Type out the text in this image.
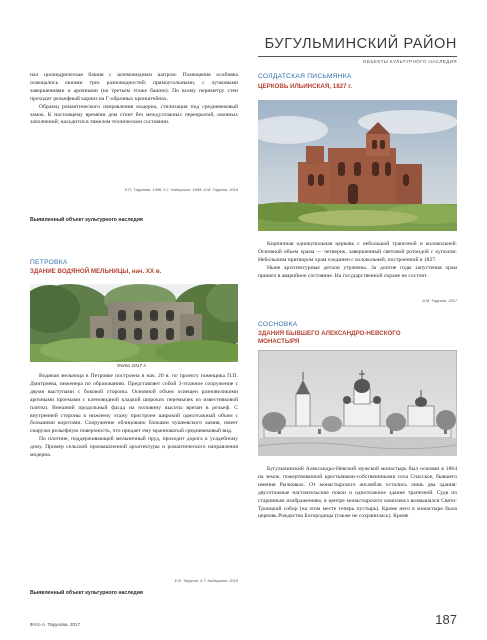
БУГУЛЬМИНСКИЙ РАЙОН
ОБЪЕКТЫ КУЛЬТУРНОГО НАСЛЕДИЯ

нал цилиндрическая башня с шлемовидным шатром. Помещения особняка освещались окнами трех разновидностей: прямоугольными, с лучковыми завершениями и арочными (на третьем этаже башни). По всему периметру стен проходит рельефный карниз на Г-образных кронштейнах.

Образец романтического направления модерна, стилизация под средневековый замок. К настоящему времени дом стоит без междуэтажных перекрытий, оконных заполнений; находится в тяжелом техническом состоянии.

Л.П. Тарунова, 1998; Х.Г. Надыршин, 1999; А.М. Тарунов, 2016
Выявленный объект культурного наследия
ПЕТРОВКА
ЗДАНИЕ ВОДЯНОЙ МЕЛЬНИЦЫ, нач. ХХ в.
Фото 2017 г.

Водяная мельница в Петровке построена в нач. 20 в. по проекту помещика П.П. Дмитриева, инженера по образованию. Представляет собой 3-этажное сооружение с двумя выступами с боковой стороны. Основной объем освещен разновеликими арочными проемами с кленовидной кладкой широких перемычек из известняковой плитки. Внешний продольный фасад на половину высоты врезан в рельеф. С внутренней стороны к нижнему этажу пристроен широкий одноэтажный объем с большими воротами. Сооружение облицовано блоками чушеевского камня, имеет снаружи рельефную поверхность, что придает ему мрачноватый средневековый вид.

По плотине, поддерживающей мельничный пруд, проходит дорога к усадебному дому. Пример сельской промышленной архитектуры и романтического направления модерна.

Е.В. Тарунов, Х.Г. Надыршин, 2019
Выявленный объект культурного наследия
СОЛДАТСКАЯ ПИСЬМЯНКА
ЦЕРКОВЬ ИЛЬИНСКАЯ, 1827 г.

Кирпичная однокупольная церковь с небольшой трапезной и колокольней. Основной объем храма — четверик, завершенный световой ротондой с куполом. Небольшим притвором храм соединен с колокольней, построенной в 1827.

Ныне архитектурные детали утрачены. За допгие годы запустения храм пришел в аварийное состояние. На государственной охране не состоит.

А.М. Тарунов, 2017
СОСНОВКА
ЗДАНИЯ БЫВШЕГО АЛЕКСАНДРО-НЕВСКОГО МОНАСТЫРЯ

Бугульминский Александро-Невский мужской монастырь был основан в 1864 на земле, пожертвованной крестьянами-собственниками села Спасское, бывшего имения Рычковых. От монастырского ансамбля остались лишь два здания: двухэтажные настоятельские покои и одноэтажное здание трапезной. Судя по старинным изображениям, в центре монастырского комплекса возвышался Свято-Троицкий собор (на этом месте теперь пустырь). Кроме него в монастыре была церковь Рождества Богородицы (также не сохранилась). Кроме

Фото А. Тарунова, 2017	187
